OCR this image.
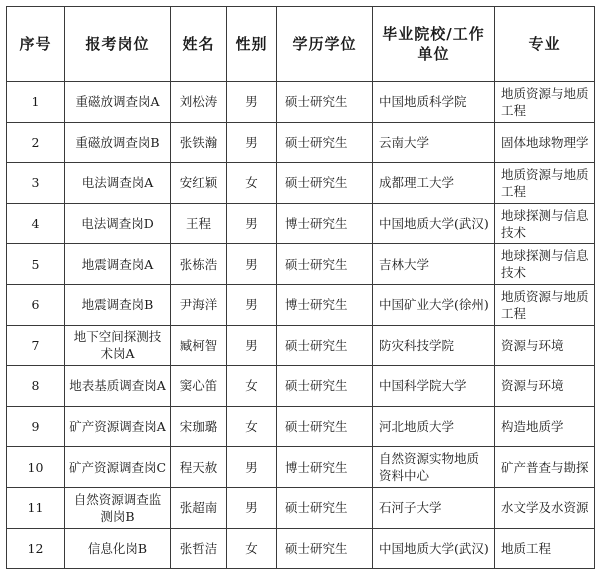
序号	报考岗位	姓名	性别	学历学位	毕业院校/工作单位	专业
1	重磁放调查岗A	刘松涛	男	硕士研究生	中国地质科学院	地质资源与地质工程
2	重磁放调查岗B	张铁瀚	男	硕士研究生	云南大学	固体地球物理学
3	电法调查岗A	安红颖	女	硕士研究生	成都理工大学	地质资源与地质工程
4	电法调查岗D	王程	男	博士研究生	中国地质大学(武汉)	地球探测与信息技术
5	地震调查岗A	张栋浩	男	硕士研究生	吉林大学	地球探测与信息技术
6	地震调查岗B	尹海洋	男	博士研究生	中国矿业大学(徐州)	地质资源与地质工程
7	地下空间探测技术岗A	臧柯智	男	硕士研究生	防灾科技学院	资源与环境
8	地表基质调查岗A	窦心笛	女	硕士研究生	中国科学院大学	资源与环境
9	矿产资源调查岗A	宋珈璐	女	硕士研究生	河北地质大学	构造地质学
10	矿产资源调查岗C	程天赦	男	博士研究生	自然资源实物地质资料中心	矿产普查与勘探
11	自然资源调查监测岗B	张超南	男	硕士研究生	石河子大学	水文学及水资源
12	信息化岗B	张哲洁	女	硕士研究生	中国地质大学(武汉)	地质工程
